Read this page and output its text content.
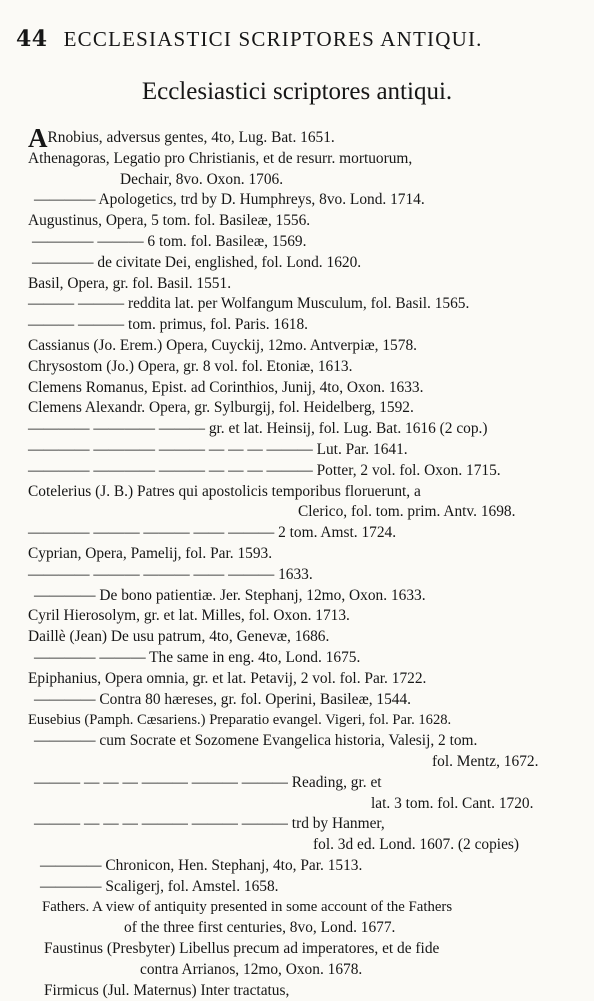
44 ECCLESIASTICI SCRIPTORES ANTIQUI.
Ecclesiastici scriptores antiqui.
A Rnobius, adversus gentes, 4to, Lug. Bat. 1651.
Athenagoras, Legatio pro Christianis, et de resurr. mortuorum,
Dechair, 8vo. Oxon. 1706.
———— Apologetics, trd by D. Humphreys, 8vo. Lond. 1714.
Augustinus, Opera, 5 tom. fol. Basileæ, 1556.
———— ——— 6 tom. fol. Basileæ, 1569.
———— de civitate Dei, englished, fol. Lond. 1620.
Basil, Opera, gr. fol. Basil. 1551.
——— ——— reddita lat. per Wolfangum Musculum, fol. Basil. 1565.
——— ——— tom. primus, fol. Paris. 1618.
Cassianus (Jo. Erem.) Opera, Cuyckij, 12mo. Antverpiæ, 1578.
Chrysostom (Jo.) Opera, gr. 8 vol. fol. Etoniæ, 1613.
Clemens Romanus, Epist. ad Corinthios, Junij, 4to, Oxon. 1633.
Clemens Alexandr. Opera, gr. Sylburgij, fol. Heidelberg, 1592.
———— ———— ——— gr. et lat. Heinsij, fol. Lug. Bat. 1616 (2 cop.)
———— ———— ——— — — — ——— Lut. Par. 1641.
———— ———— ——— — — — ——— Potter, 2 vol. fol. Oxon. 1715.
Cotelerius (J. B.) Patres qui apostolicis temporibus floruerunt, a
Clerico, fol. tom. prim. Antv. 1698.
———— ——— ——— —— ——— 2 tom. Amst. 1724.
Cyprian, Opera, Pamelij, fol. Par. 1593.
———— ——— ——— —— ——— 1633.
———— De bono patientiæ. Jer. Stephanj, 12mo, Oxon. 1633.
Cyril Hierosolym, gr. et lat. Milles, fol. Oxon. 1713.
Daillè (Jean) De usu patrum, 4to, Genevæ, 1686.
———— ——— The same in eng. 4to, Lond. 1675.
Epiphanius, Opera omnia, gr. et lat. Petavij, 2 vol. fol. Par. 1722.
———— Contra 80 hæreses, gr. fol. Operini, Basileæ, 1544.
Eusebius (Pamph. Cæsariens.) Preparatio evangel. Vigeri, fol. Par. 1628.
———— cum Socrate et Sozomene Evangelica historia, Valesij, 2 tom.
fol. Mentz, 1672.
——— — — — ——— ——— ——— Reading, gr. et
lat. 3 tom. fol. Cant. 1720.
——— — — — ——— ——— ——— trd by Hanmer,
fol. 3d ed. Lond. 1607. (2 copies)
———— Chronicon, Hen. Stephanj, 4to, Par. 1513.
———— Scaligerj, fol. Amstel. 1658.
Fathers. A view of antiquity presented in some account of the Fathers
of the three first centuries, 8vo, Lond. 1677.
Faustinus (Presbyter) Libellus precum ad imperatores, et de fide
contra Arrianos, 12mo, Oxon. 1678.
Firmicus (Jul. Maternus) Inter tractatus,
